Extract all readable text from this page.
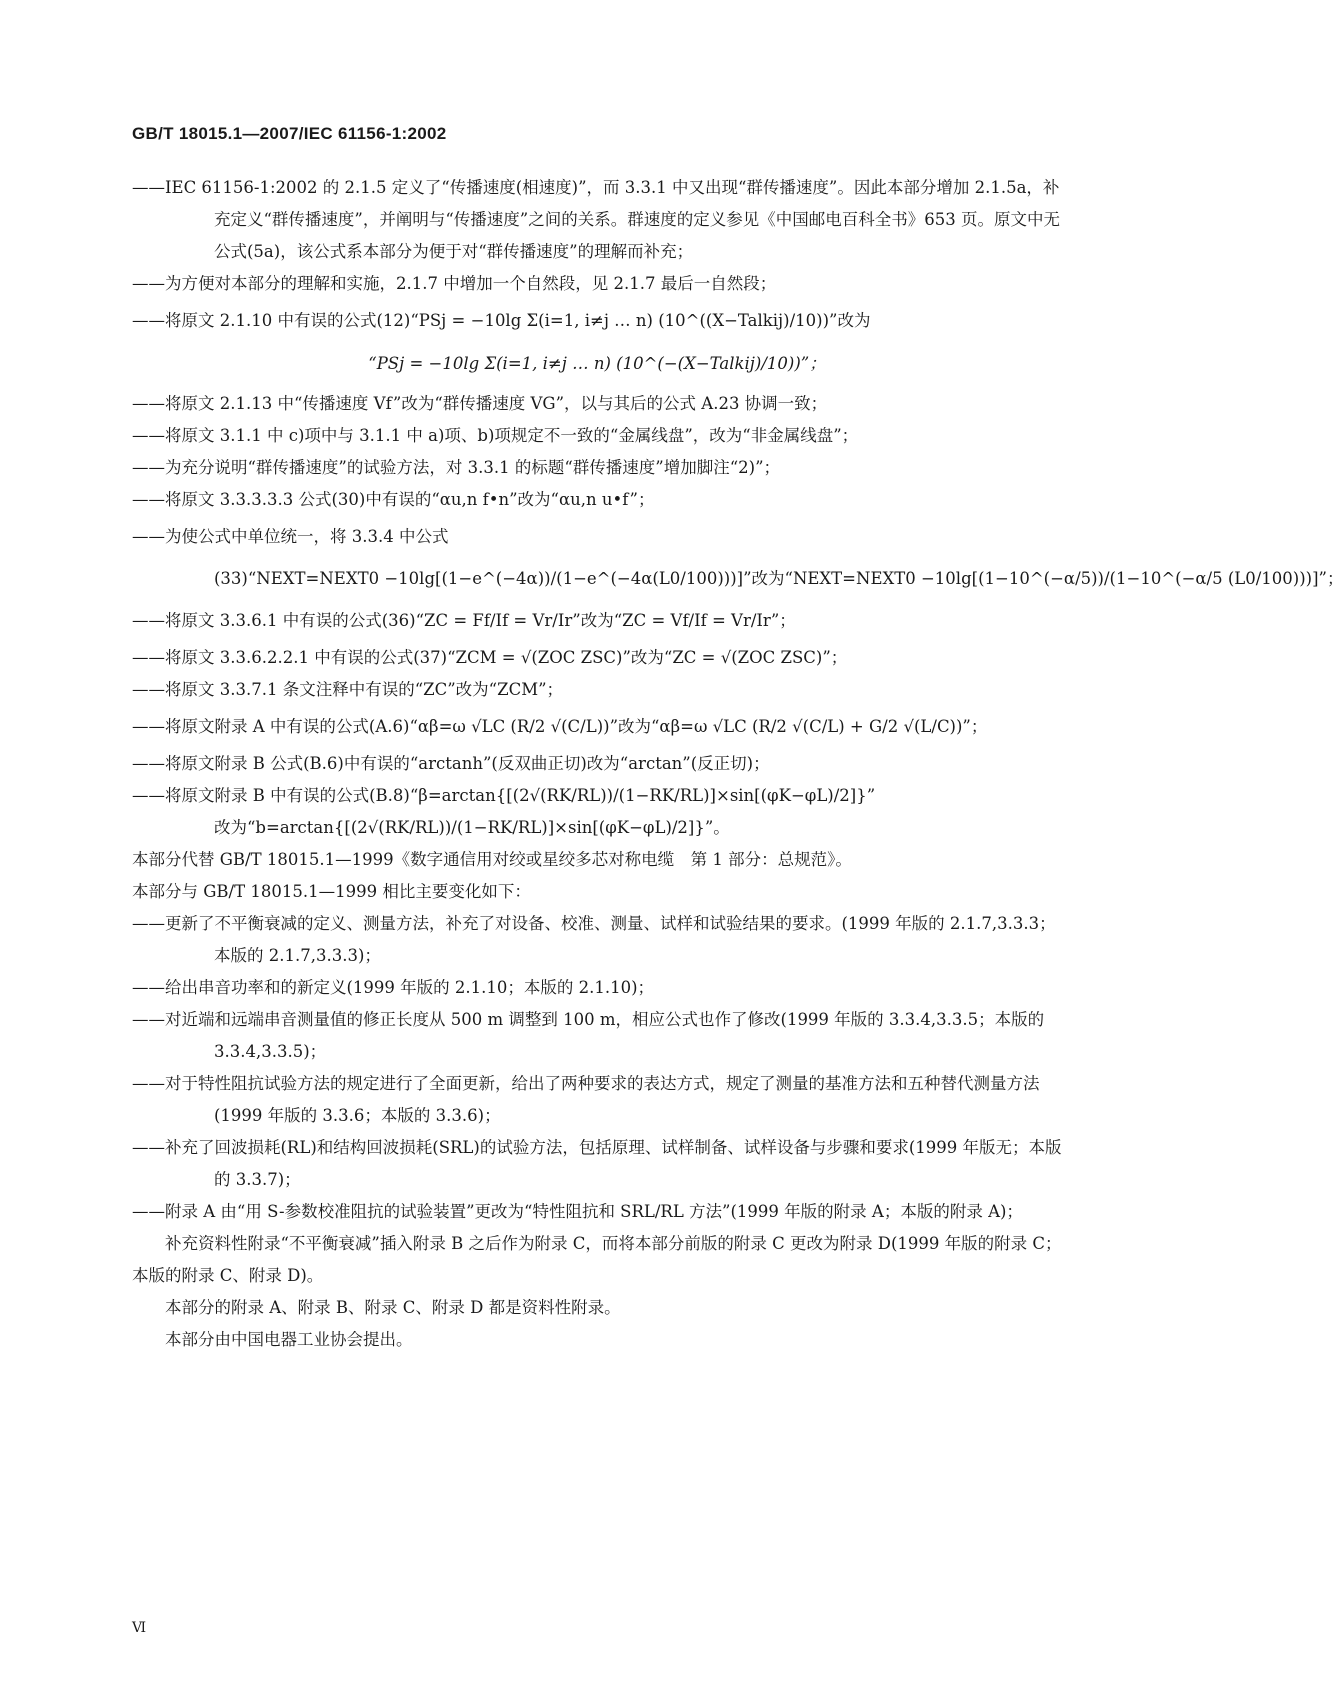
GB/T 18015.1—2007/IEC 61156-1:2002

——IEC 61156-1:2002 的 2.1.5 定义了“传播速度(相速度)”，而 3.3.1 中又出现“群传播速度”。因此本部分增加 2.1.5a，补充定义“群传播速度”，并阐明与“传播速度”之间的关系。群速度的定义参见《中国邮电百科全书》653 页。原文中无公式(5a)，该公式系本部分为便于对“群传播速度”的理解而补充；

——为方便对本部分的理解和实施，2.1.7 中增加一个自然段，见 2.1.7 最后一自然段；

——将原文 2.1.10 中有误的公式(12)“PSj = −10lg Σ(i=1, i≠j … n) (10^((X−Talkij)/10))”改为

“PSj = −10lg Σ(i=1, i≠j … n) (10^(−(X−Talkij)/10))”；

——将原文 2.1.13 中“传播速度 Vf”改为“群传播速度 VG”，以与其后的公式 A.23 协调一致；

——将原文 3.1.1 中 c)项中与 3.1.1 中 a)项、b)项规定不一致的“金属线盘”，改为“非金属线盘”；

——为充分说明“群传播速度”的试验方法，对 3.3.1 的标题“群传播速度”增加脚注“2)”；

——将原文 3.3.3.3.3 公式(30)中有误的“αu,n f•n”改为“αu,n u•f”；

——为使公式中单位统一，将 3.3.4 中公式(33)“NEXT=NEXT0 −10lg[(1−e^(−4α))/(1−e^(−4α(L0/100)))]”改为“NEXT=NEXT0 −10lg[(1−10^(−α/5))/(1−10^(−α/5 (L0/100)))]”；

——将原文 3.3.6.1 中有误的公式(36)“ZC = Ff/If = Vr/Ir”改为“ZC = Vf/If = Vr/Ir”；

——将原文 3.3.6.2.2.1 中有误的公式(37)“ZCM = √(ZOC ZSC)”改为“ZC = √(ZOC ZSC)”；

——将原文 3.3.7.1 条文注释中有误的“ZC”改为“ZCM”；

——将原文附录 A 中有误的公式(A.6)“αβ=ω √LC (R/2 √(C/L))”改为“αβ=ω √LC (R/2 √(C/L) + G/2 √(L/C))”；

——将原文附录 B 公式(B.6)中有误的“arctanh”(反双曲正切)改为“arctan”(反正切)；

——将原文附录 B 中有误的公式(B.8)“β=arctan{[(2√(RK/RL))/(1−RK/RL)]×sin[(φK−φL)/2]}”
改为“b=arctan{[(2√(RK/RL))/(1−RK/RL)]×sin[(φK−φL)/2]}”。

本部分代替 GB/T 18015.1—1999《数字通信用对绞或星绞多芯对称电缆　第 1 部分：总规范》。

本部分与 GB/T 18015.1—1999 相比主要变化如下：

——更新了不平衡衰减的定义、测量方法，补充了对设备、校准、测量、试样和试验结果的要求。(1999 年版的 2.1.7,3.3.3；本版的 2.1.7,3.3.3)；

——给出串音功率和的新定义(1999 年版的 2.1.10；本版的 2.1.10)；

——对近端和远端串音测量值的修正长度从 500 m 调整到 100 m，相应公式也作了修改(1999 年版的 3.3.4,3.3.5；本版的 3.3.4,3.3.5)；

——对于特性阻抗试验方法的规定进行了全面更新，给出了两种要求的表达方式，规定了测量的基准方法和五种替代测量方法(1999 年版的 3.3.6；本版的 3.3.6)；

——补充了回波损耗(RL)和结构回波损耗(SRL)的试验方法，包括原理、试样制备、试样设备与步骤和要求(1999 年版无；本版的 3.3.7)；

——附录 A 由“用 S-参数校准阻抗的试验装置”更改为“特性阻抗和 SRL/RL 方法”(1999 年版的附录 A；本版的附录 A)；

补充资料性附录“不平衡衰减”插入附录 B 之后作为附录 C，而将本部分前版的附录 C 更改为附录 D(1999 年版的附录 C；本版的附录 C、附录 D)。

本部分的附录 A、附录 B、附录 C、附录 D 都是资料性附录。

本部分由中国电器工业协会提出。

Ⅵ
